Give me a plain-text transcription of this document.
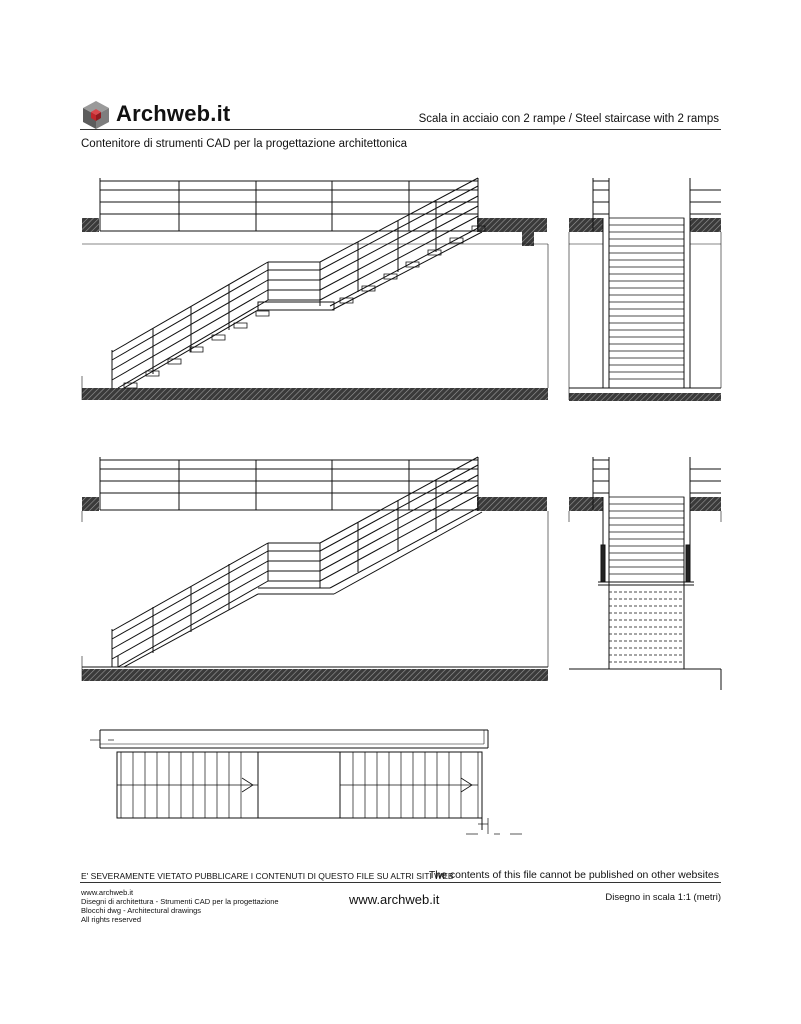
Archweb.it	Scala in acciaio con 2 rampe / Steel staircase with 2 ramps
Contenitore di strumenti CAD per la progettazione architettonica
E' SEVERAMENTE VIETATO PUBBLICARE I CONTENUTI DI QUESTO FILE SU ALTRI SITI WEB
The contents of this file cannot be published on other websites
www.archweb.it
Disegni di architettura - Strumenti CAD per la progettazione
Blocchi dwg - Architectural drawings
All rights reserved
www.archweb.it	Disegno in scala 1:1 (metri)
